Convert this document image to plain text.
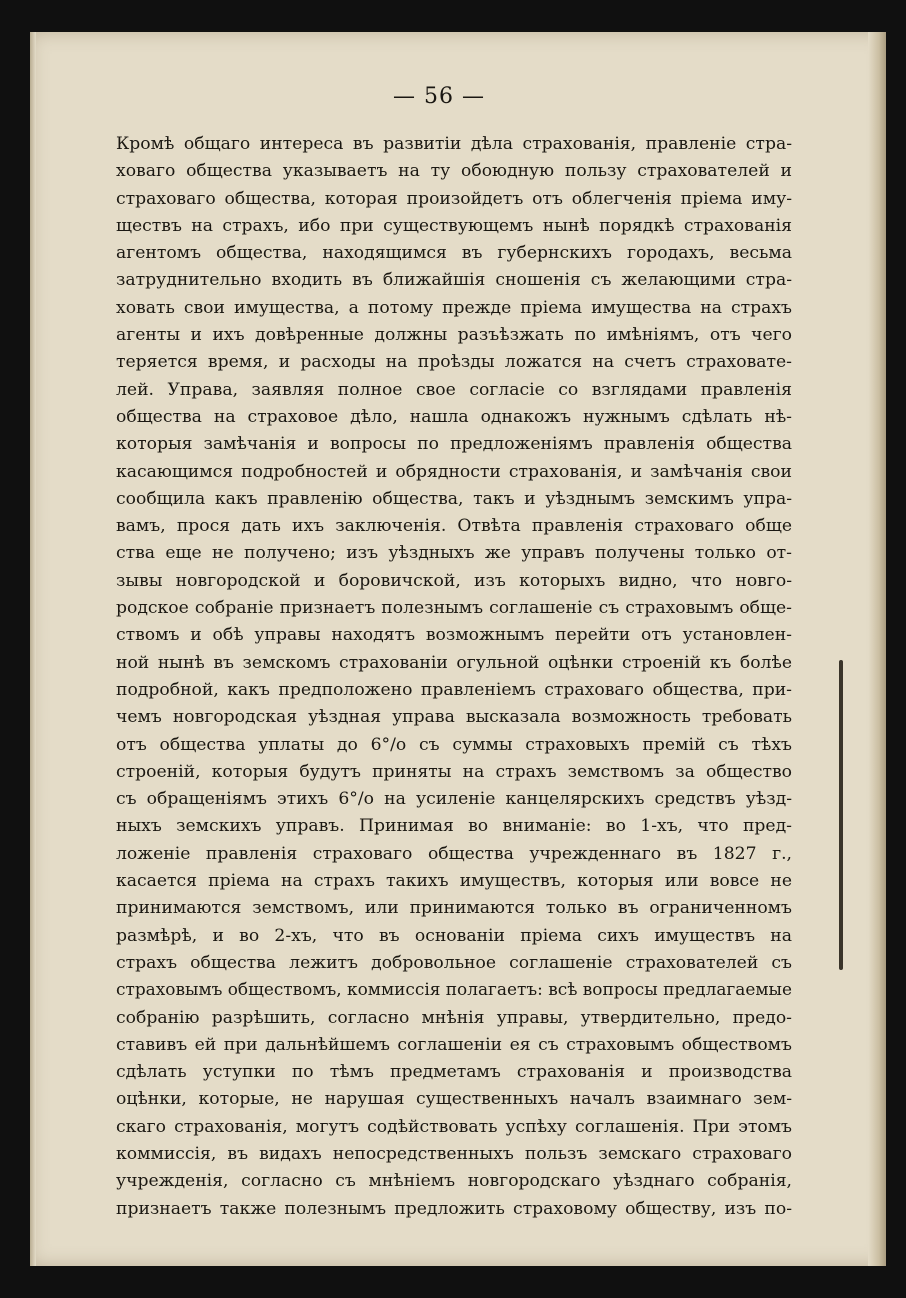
— 56 —
Кромѣ общаго интереса въ развитіи дѣла страхованія, правленіе стра-
ховаго общества указываетъ на ту обоюдную пользу страхователей и
страховаго общества, которая произойдетъ отъ облегченія пріема иму-
ществъ на страхъ, ибо при существующемъ нынѣ порядкѣ страхованія
агентомъ общества, находящимся въ губернскихъ городахъ, весьма
затруднительно входить въ ближайшія сношенія съ желающими стра-
ховать свои имущества, а потому прежде пріема имущества на страхъ
агенты и ихъ довѣренные должны разъѣзжать по имѣніямъ, отъ чего
теряется время, и расходы на проѣзды ложатся на счетъ страховате-
лей. Управа, заявляя полное свое согласіе со взглядами правленія
общества на страховое дѣло, нашла однакожъ нужнымъ сдѣлать нѣ-
которыя замѣчанія и вопросы по предложеніямъ правленія общества
касающимся подробностей и обрядности страхованія, и замѣчанія свои
сообщила какъ правленію общества, такъ и уѣзднымъ земскимъ упра-
вамъ, прося дать ихъ заключенія. Отвѣта правленія страховаго обще
ства еще не получено; изъ уѣздныхъ же управъ получены только от-
зывы новгородской и боровичской, изъ которыхъ видно, что новго-
родское собраніе признаетъ полезнымъ соглашеніе съ страховымъ обще-
ствомъ и обѣ управы находятъ возможнымъ перейти отъ установлен-
ной нынѣ въ земскомъ страхованіи огульной оцѣнки строеній къ болѣе
подробной, какъ предположено правленіемъ страховаго общества, при-
чемъ новгородская уѣздная управа высказала возможность требовать
отъ общества уплаты до 6°/о съ суммы страховыхъ премій съ тѣхъ
строеній, которыя будутъ приняты на страхъ земствомъ за общество
съ обращеніямъ этихъ 6°/о на усиленіе канцелярскихъ средствъ уѣзд-
ныхъ земскихъ управъ. Принимая во вниманіе: во 1-хъ, что пред-
ложеніе правленія страховаго общества учрежденнаго въ 1827 г.,
касается пріема на страхъ такихъ имуществъ, которыя или вовсе не
принимаются земствомъ, или принимаются только въ ограниченномъ
размѣрѣ, и во 2-хъ, что въ основаніи пріема сихъ имуществъ на
страхъ общества лежитъ добровольное соглашеніе страхователей съ
страховымъ обществомъ, коммиссія полагаетъ: всѣ вопросы предлагаемые
собранію разрѣшить, согласно мнѣнія управы, утвердительно, предо-
ставивъ ей при дальнѣйшемъ соглашеніи ея съ страховымъ обществомъ
сдѣлать уступки по тѣмъ предметамъ страхованія и производства
оцѣнки, которые, не нарушая существенныхъ началъ взаимнаго зем-
скаго страхованія, могутъ содѣйствовать успѣху соглашенія. При этомъ
коммиссія, въ видахъ непосредственныхъ пользъ земскаго страховаго
учрежденія, согласно съ мнѣніемъ новгородскаго уѣзднаго собранія,
признаетъ также полезнымъ предложить страховому обществу, изъ по-
